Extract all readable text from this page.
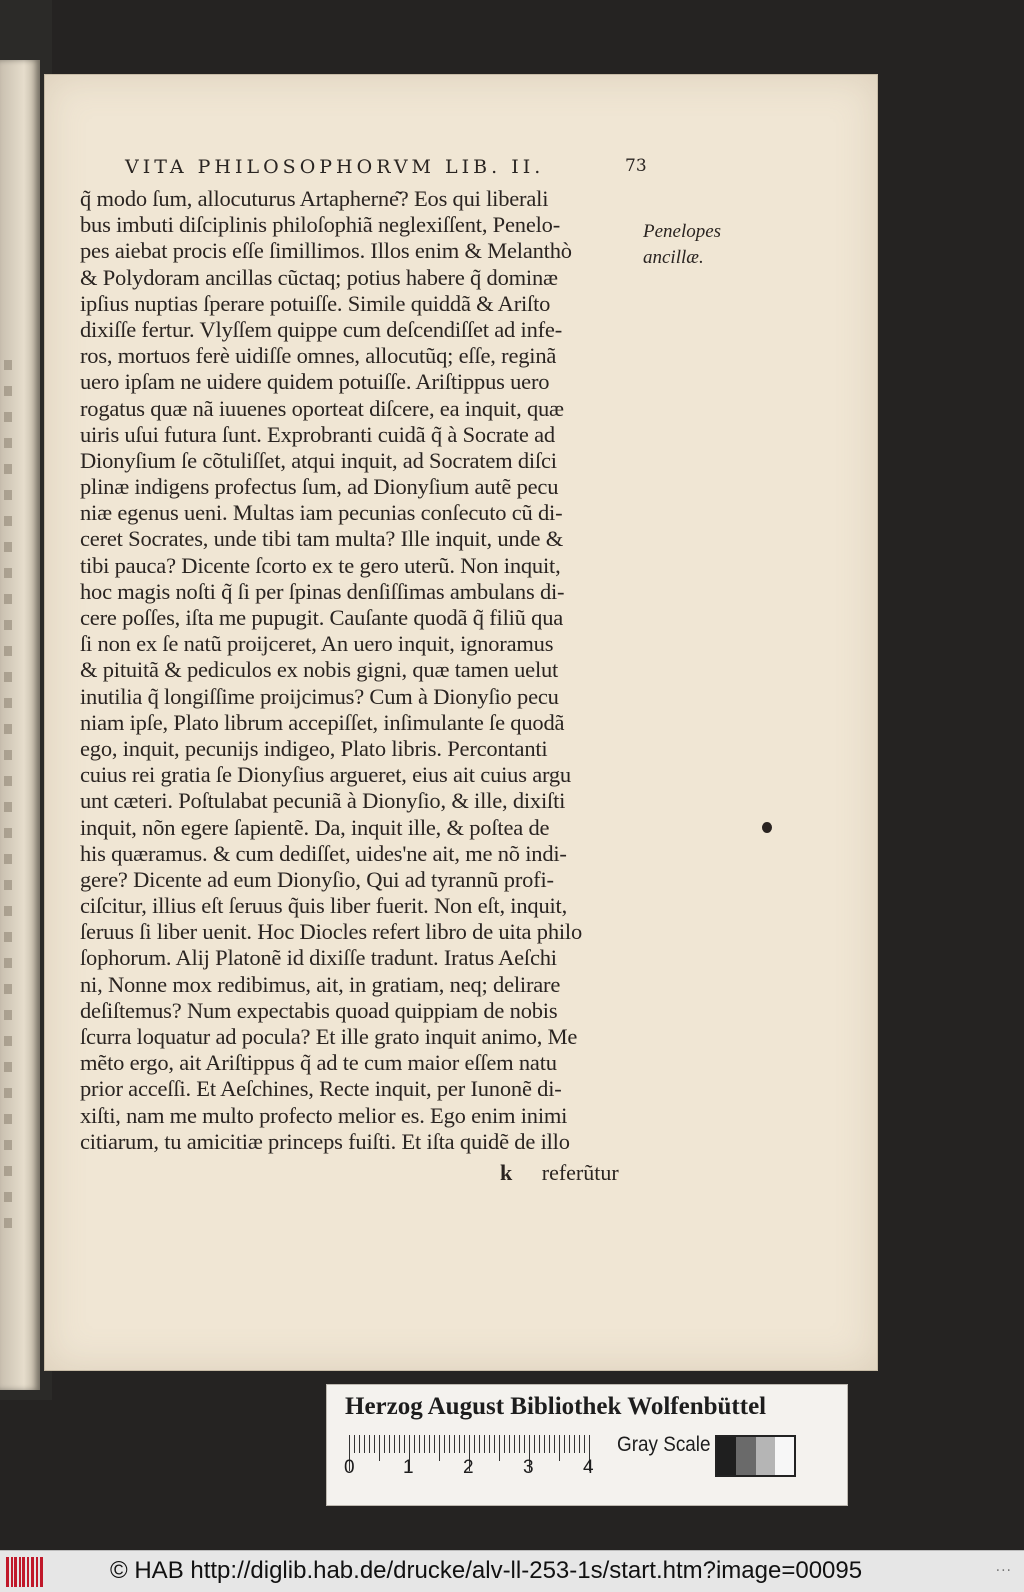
VITA PHILOSOPHORVM LIB. II.	73
q̃ modo ſum, allocuturus Artapherne͂? Eos qui liberali
bus imbuti diſciplinis philoſophiã neglexiſſent, Penelo-
pes aiebat procis eſſe ſimillimos. Illos enim & Melanthò
& Polydoram ancillas cũctaq; potius habere q̃ dominæ
ipſius nuptias ſperare potuiſſe. Simile quiddã & Ariſto
dixiſſe fertur. Vlyſſem quippe cum deſcendiſſet ad infe-
ros, mortuos ferè uidiſſe omnes, allocutũq; eſſe, reginã
uero ipſam ne uidere quidem potuiſſe. Ariſtippus uero
rogatus quæ nã iuuenes oporteat diſcere, ea inquit, quæ
uiris uſui futura ſunt. Exprobranti cuidã q̃ à Socrate ad
Dionyſium ſe cõtuliſſet, atqui inquit, ad Socratem diſci
plinæ indigens profectus ſum, ad Dionyſium autẽ pecu
niæ egenus ueni. Multas iam pecunias conſecuto cũ di-
ceret Socrates, unde tibi tam multa? Ille inquit, unde &
tibi pauca? Dicente ſcorto ex te gero uterũ. Non inquit,
hoc magis noſti q̃ ſi per ſpinas denſiſſimas ambulans di-
cere poſſes, iſta me pupugit. Cauſante quodã q̃ filiũ qua
ſi non ex ſe natũ proijceret, An uero inquit, ignoramus
& pituitã & pediculos ex nobis gigni, quæ tamen uelut
inutilia q̃ longiſſime proijcimus? Cum à Dionyſio pecu
niam ipſe, Plato librum accepiſſet, inſimulante ſe quodã
ego, inquit, pecunijs indigeo, Plato libris. Percontanti
cuius rei gratia ſe Dionyſius argueret, eius ait cuius argu
unt cæteri. Poſtulabat pecuniã à Dionyſio, & ille, dixiſti
inquit, nõn egere ſapientẽ. Da, inquit ille, & poſtea de
his quæramus. & cum dediſſet, uides'ne ait, me nõ indi-
gere? Dicente ad eum Dionyſio, Qui ad tyrannũ profi-
ciſcitur, illius eſt ſeruus q̃uis liber fuerit. Non eſt, inquit,
ſeruus ſi liber uenit. Hoc Diocles refert libro de uita philo
ſophorum. Alij Platonẽ id dixiſſe tradunt. Iratus Aeſchi
ni, Nonne mox redibimus, ait, in gratiam, neq; delirare
deſiſtemus? Num expectabis quoad quippiam de nobis
ſcurra loquatur ad pocula? Et ille grato inquit animo, Me
mẽto ergo, ait Ariſtippus q̃ ad te cum maior eſſem natu
prior acceſſi. Et Aeſchines, Recte inquit, per Iunonẽ di-
xiſti, nam me multo profecto melior es. Ego enim inimi
citiarum, tu amicitiæ princeps fuiſti. Et iſta quidẽ de illo
Penelopes
ancillæ.
k referũtur
Herzog August Bibliothek Wolfenbüttel
0	1	2	3	4
Gray Scale
© HAB http://diglib.hab.de/drucke/alv-ll-253-1s/start.htm?image=00095	···
